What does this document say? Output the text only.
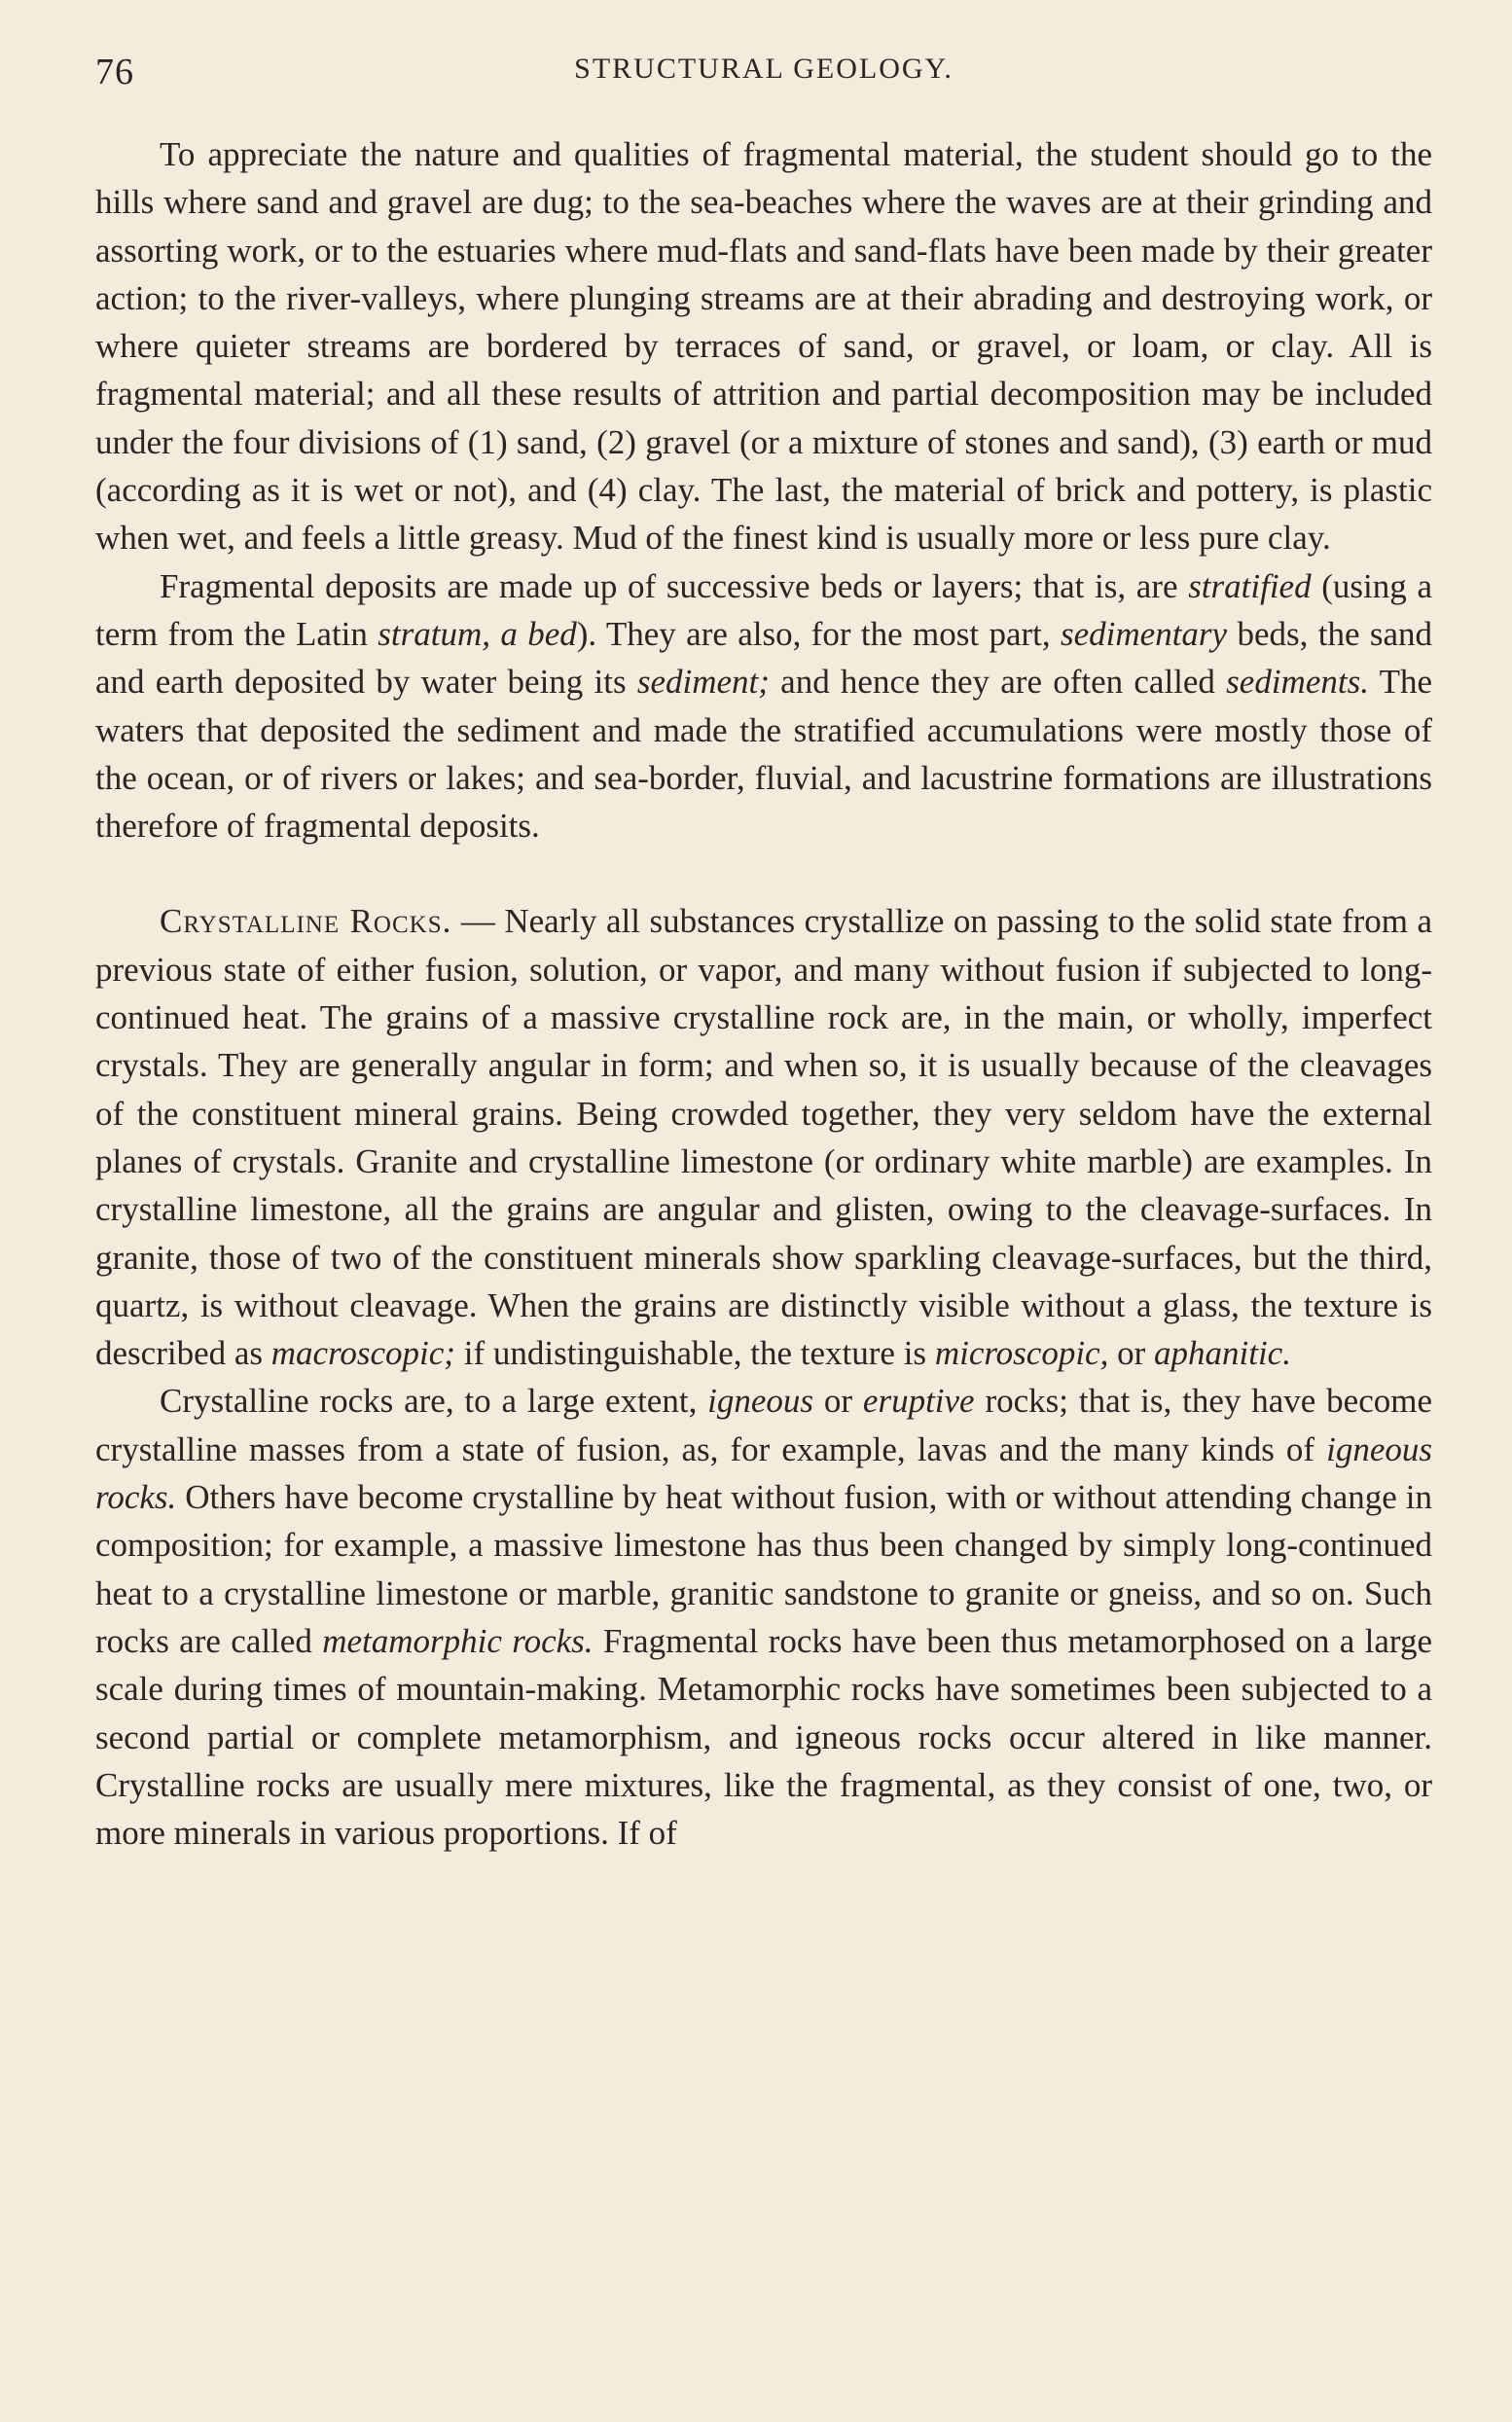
76	STRUCTURAL GEOLOGY.

To appreciate the nature and qualities of fragmental material, the student should go to the hills where sand and gravel are dug; to the sea-beaches where the waves are at their grinding and assorting work, or to the estuaries where mud-flats and sand-flats have been made by their greater action; to the river-valleys, where plunging streams are at their abrading and destroying work, or where quieter streams are bordered by terraces of sand, or gravel, or loam, or clay. All is fragmental material; and all these results of attrition and partial decomposition may be included under the four divisions of (1) sand, (2) gravel (or a mixture of stones and sand), (3) earth or mud (according as it is wet or not), and (4) clay. The last, the material of brick and pottery, is plastic when wet, and feels a little greasy. Mud of the finest kind is usually more or less pure clay.

Fragmental deposits are made up of successive beds or layers; that is, are stratified (using a term from the Latin stratum, a bed). They are also, for the most part, sedimentary beds, the sand and earth deposited by water being its sediment; and hence they are often called sediments. The waters that deposited the sediment and made the stratified accumulations were mostly those of the ocean, or of rivers or lakes; and sea-border, fluvial, and lacustrine formations are illustrations therefore of fragmental deposits.

Crystalline Rocks. — Nearly all substances crystallize on passing to the solid state from a previous state of either fusion, solution, or vapor, and many without fusion if subjected to long-continued heat. The grains of a massive crystalline rock are, in the main, or wholly, imperfect crystals. They are generally angular in form; and when so, it is usually because of the cleavages of the constituent mineral grains. Being crowded together, they very seldom have the external planes of crystals. Granite and crystalline limestone (or ordinary white marble) are examples. In crystalline limestone, all the grains are angular and glisten, owing to the cleavage-surfaces. In granite, those of two of the constituent minerals show sparkling cleavage-surfaces, but the third, quartz, is without cleavage. When the grains are distinctly visible without a glass, the texture is described as macroscopic; if undistinguishable, the texture is microscopic, or aphanitic.

Crystalline rocks are, to a large extent, igneous or eruptive rocks; that is, they have become crystalline masses from a state of fusion, as, for example, lavas and the many kinds of igneous rocks. Others have become crystalline by heat without fusion, with or without attending change in composition; for example, a massive limestone has thus been changed by simply long-continued heat to a crystalline limestone or marble, granitic sandstone to granite or gneiss, and so on. Such rocks are called metamorphic rocks. Fragmental rocks have been thus metamorphosed on a large scale during times of mountain-making. Metamorphic rocks have sometimes been subjected to a second partial or complete metamorphism, and igneous rocks occur altered in like manner. Crystalline rocks are usually mere mixtures, like the fragmental, as they consist of one, two, or more minerals in various proportions. If of
